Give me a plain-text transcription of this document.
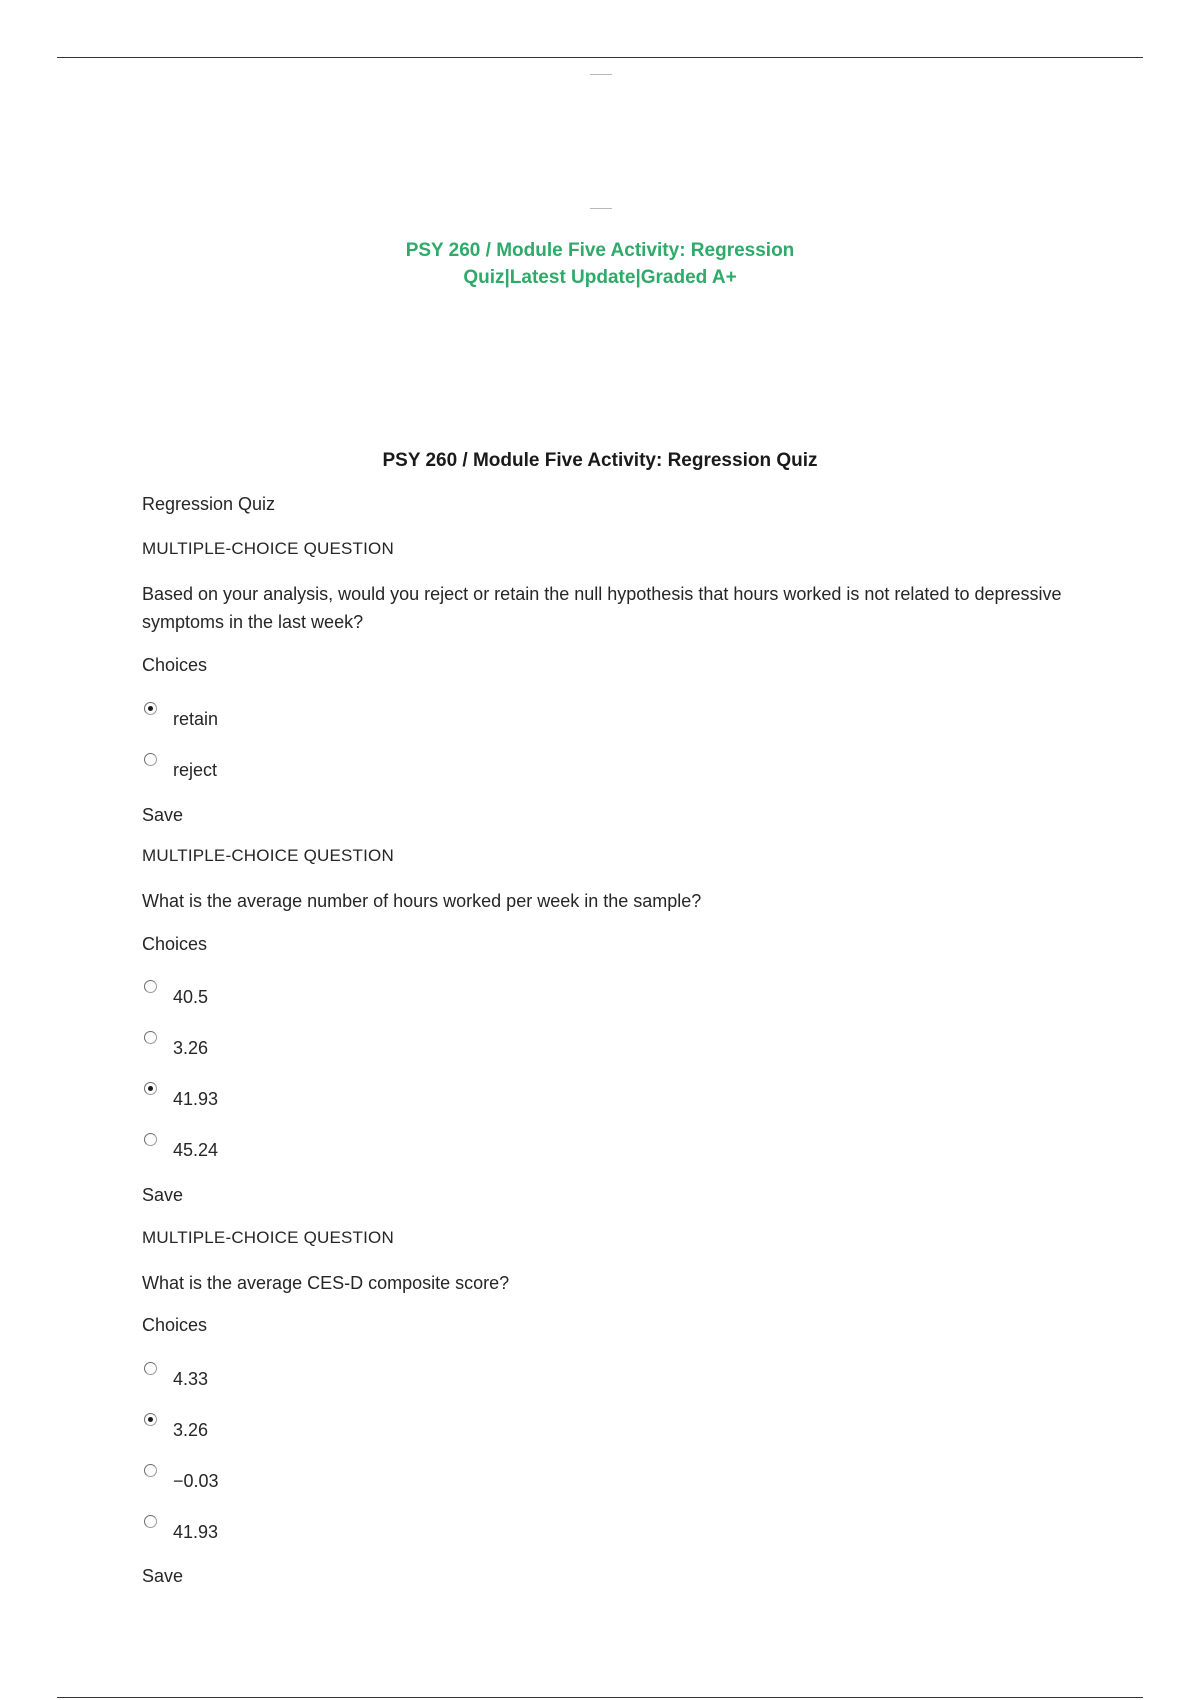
PSY 260 / Module Five Activity: Regression
Quiz|Latest Update|Graded A+
PSY 260 / Module Five Activity: Regression Quiz
Regression Quiz
MULTIPLE-CHOICE QUESTION
Based on your analysis, would you reject or retain the null hypothesis that hours worked is not related to depressive symptoms in the last week?
Choices
retain
reject
Save
MULTIPLE-CHOICE QUESTION
What is the average number of hours worked per week in the sample?
Choices
40.5
3.26
41.93
45.24
Save
MULTIPLE-CHOICE QUESTION
What is the average CES-D composite score?
Choices
4.33
3.26
−0.03
41.93
Save
